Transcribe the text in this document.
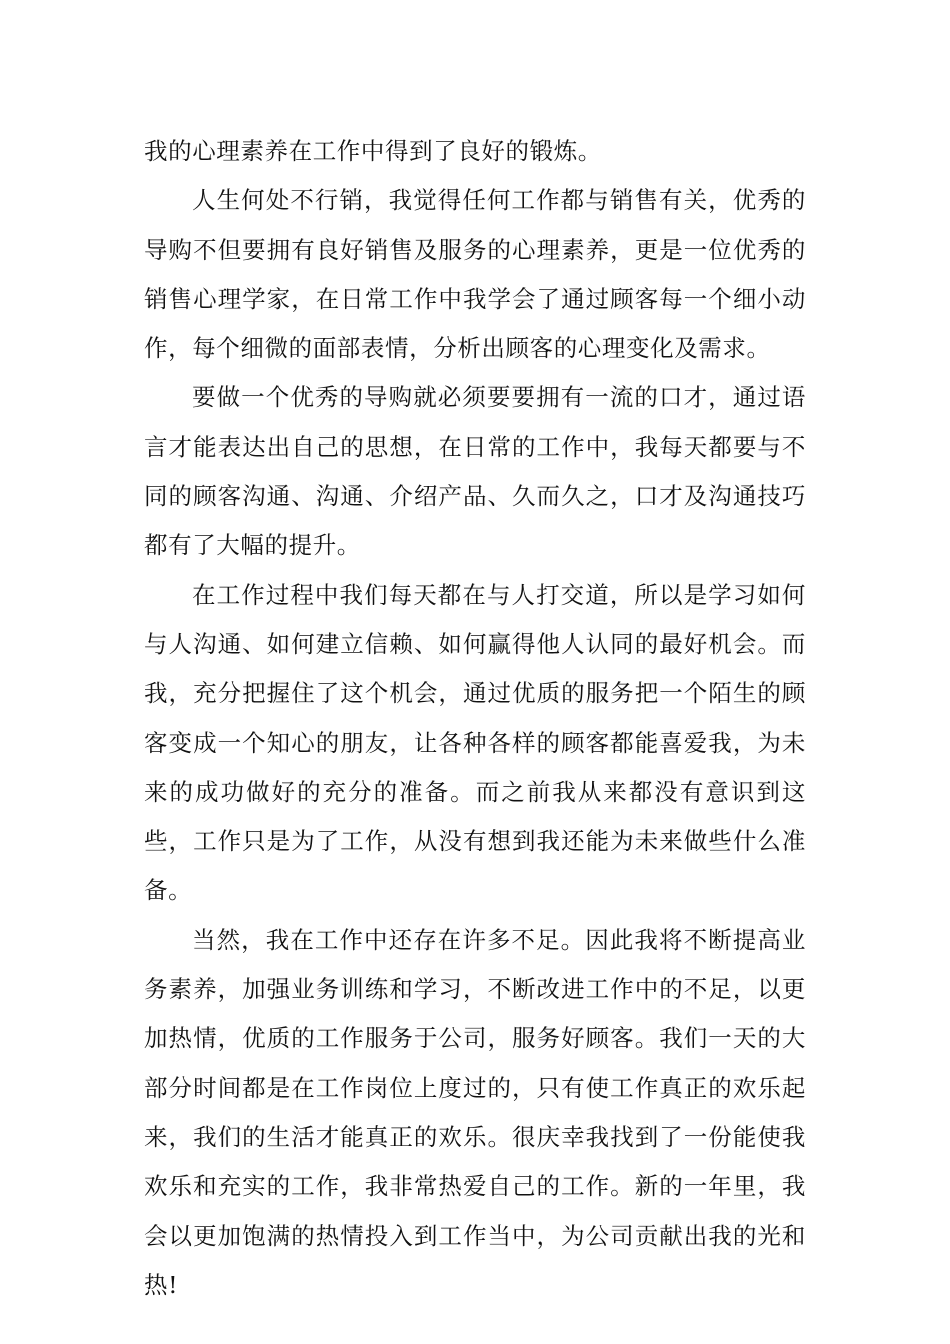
我的心理素养在工作中得到了良好的锻炼。

人生何处不行销，我觉得任何工作都与销售有关，优秀的导购不但要拥有良好销售及服务的心理素养，更是一位优秀的销售心理学家，在日常工作中我学会了通过顾客每一个细小动作，每个细微的面部表情，分析出顾客的心理变化及需求。

要做一个优秀的导购就必须要要拥有一流的口才，通过语言才能表达出自己的思想，在日常的工作中，我每天都要与不同的顾客沟通、沟通、介绍产品、久而久之，口才及沟通技巧都有了大幅的提升。

在工作过程中我们每天都在与人打交道，所以是学习如何与人沟通、如何建立信赖、如何赢得他人认同的最好机会。而我，充分把握住了这个机会，通过优质的服务把一个陌生的顾客变成一个知心的朋友，让各种各样的顾客都能喜爱我，为未来的成功做好的充分的准备。而之前我从来都没有意识到这些，工作只是为了工作，从没有想到我还能为未来做些什么准备。

当然，我在工作中还存在许多不足。因此我将不断提高业务素养，加强业务训练和学习，不断改进工作中的不足，以更加热情，优质的工作服务于公司，服务好顾客。我们一天的大部分时间都是在工作岗位上度过的，只有使工作真正的欢乐起来，我们的生活才能真正的欢乐。很庆幸我找到了一份能使我欢乐和充实的工作，我非常热爱自己的工作。新的一年里，我会以更加饱满的热情投入到工作当中，为公司贡献出我的光和热!
